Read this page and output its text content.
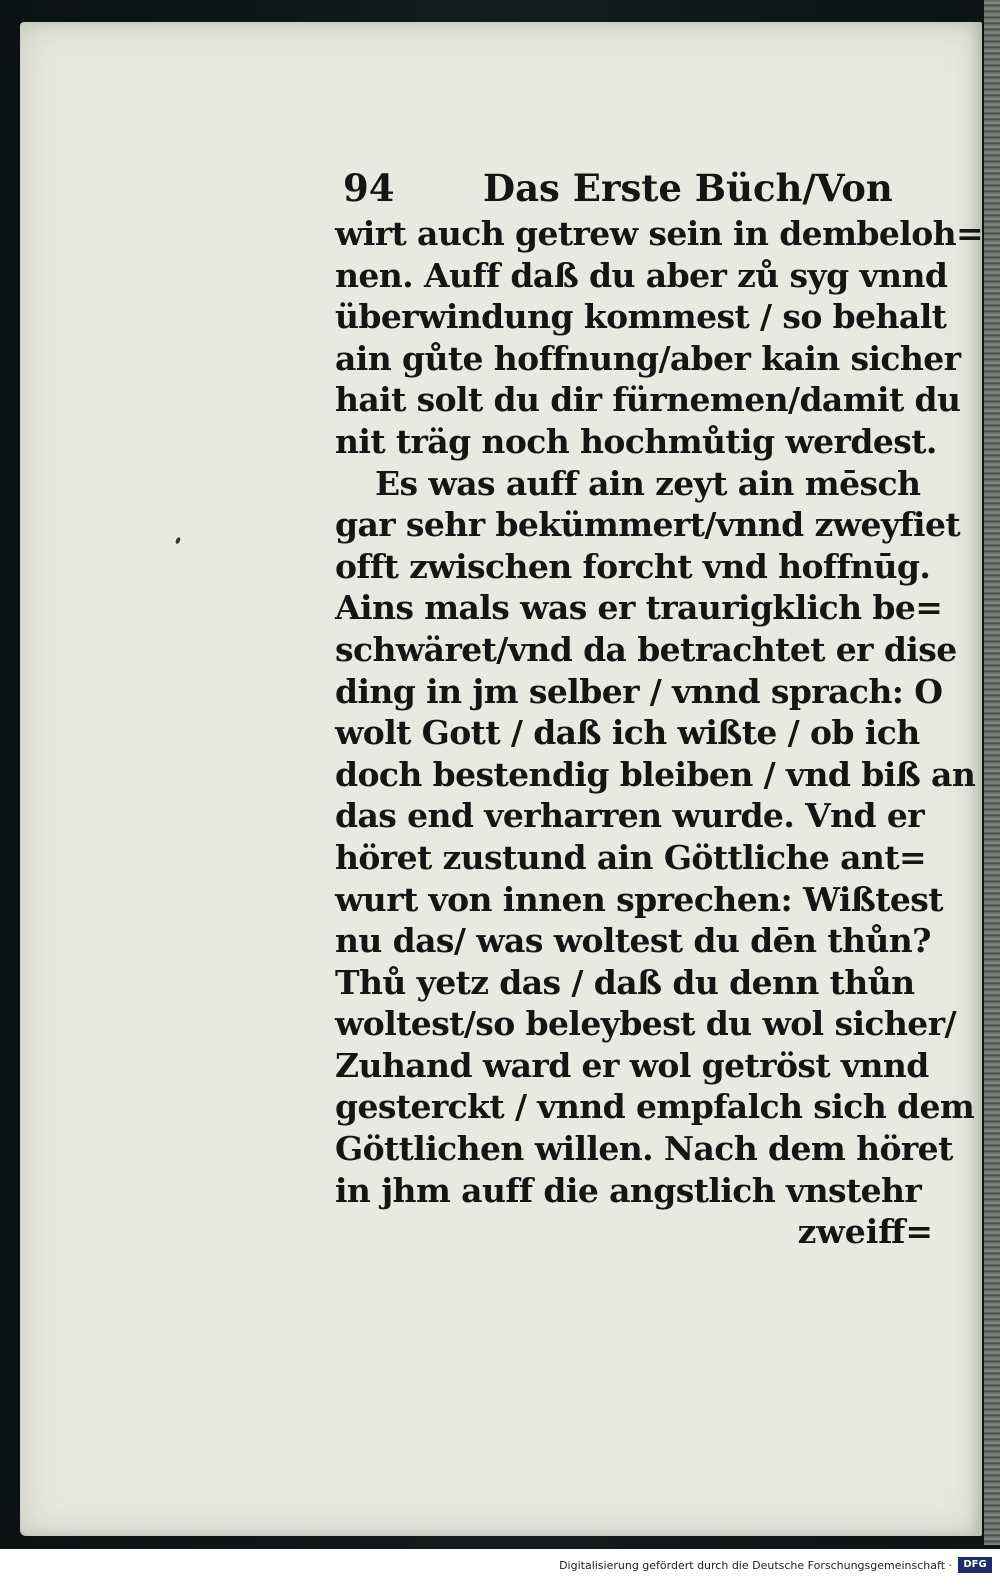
94 Das Erste Büch/Von
wirt auch getrew sein in dembeloh=
nen. Auff daß du aber zů syg vnnd
überwindung kommest / so behalt
ain gůte hoffnung/aber kain sicher
hait solt du dir fürnemen/damit du
nit träg noch hochmůtig werdest.
Es was auff ain zeyt ain mēsch
gar sehr bekümmert/vnnd zweyfiet
offt zwischen forcht vnd hoffnūg.
Ains mals was er traurigklich be=
schwäret/vnd da betrachtet er dise
ding in jm selber / vnnd sprach: O
wolt Gott / daß ich wißte / ob ich
doch bestendig bleiben / vnd biß an
das end verharren wurde. Vnd er
höret zustund ain Göttliche ant=
wurt von innen sprechen: Wißtest
nu das/ was woltest du dēn thůn?
Thů yetz das / daß du denn thůn
woltest/so beleybest du wol sicher/
Zuhand ward er wol getröst vnnd
gesterckt / vnnd empfalch sich dem
Göttlichen willen. Nach dem höret
in jhm auff die angstlich vnstehr
zweiff=
Digitalisierung gefördert durch die Deutsche Forschungsgemeinschaft ·	DFG
